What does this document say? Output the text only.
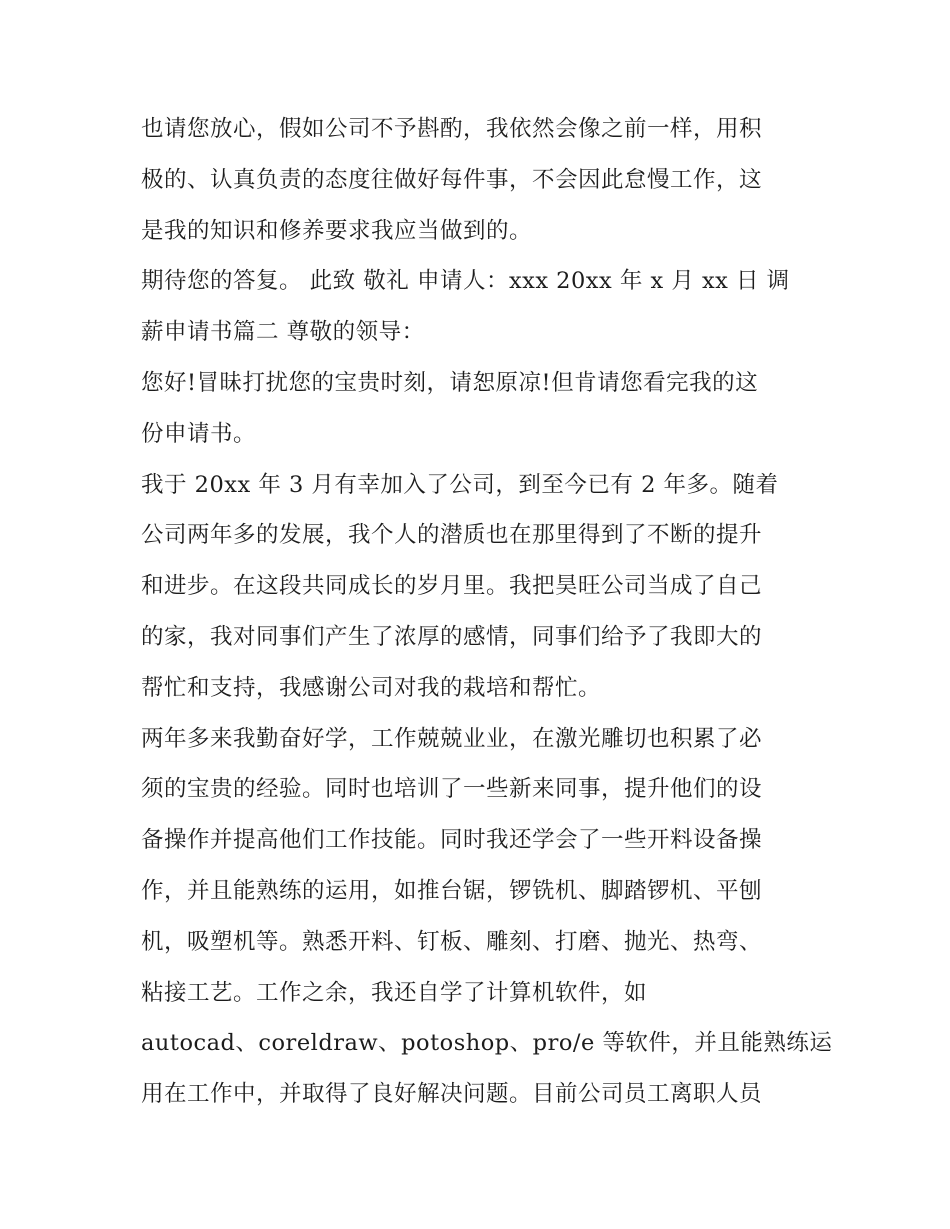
也请您放心，假如公司不予斟酌，我依然会像之前一样，用积
极的、认真负责的态度往做好每件事，不会因此怠慢工作，这
是我的知识和修养要求我应当做到的。
期待您的答复。 此致 敬礼 申请人：xxx 20xx 年 x 月 xx 日 调
薪申请书篇二 尊敬的领导：
您好!冒昧打扰您的宝贵时刻，请恕原凉!但肯请您看完我的这
份申请书。
我于 20xx 年 3 月有幸加入了公司，到至今已有 2 年多。随着
公司两年多的发展，我个人的潜质也在那里得到了不断的提升
和进步。在这段共同成长的岁月里。我把昊旺公司当成了自己
的家，我对同事们产生了浓厚的感情，同事们给予了我即大的
帮忙和支持，我感谢公司对我的栽培和帮忙。
两年多来我勤奋好学，工作兢兢业业，在激光雕切也积累了必
须的宝贵的经验。同时也培训了一些新来同事，提升他们的设
备操作并提高他们工作技能。同时我还学会了一些开料设备操
作，并且能熟练的运用，如推台锯，锣铣机、脚踏锣机、平刨
机，吸塑机等。熟悉开料、钉板、雕刻、打磨、抛光、热弯、
粘接工艺。工作之余，我还自学了计算机软件，如
autocad、coreldraw、potoshop、pro/e 等软件，并且能熟练运
用在工作中，并取得了良好解决问题。目前公司员工离职人员
